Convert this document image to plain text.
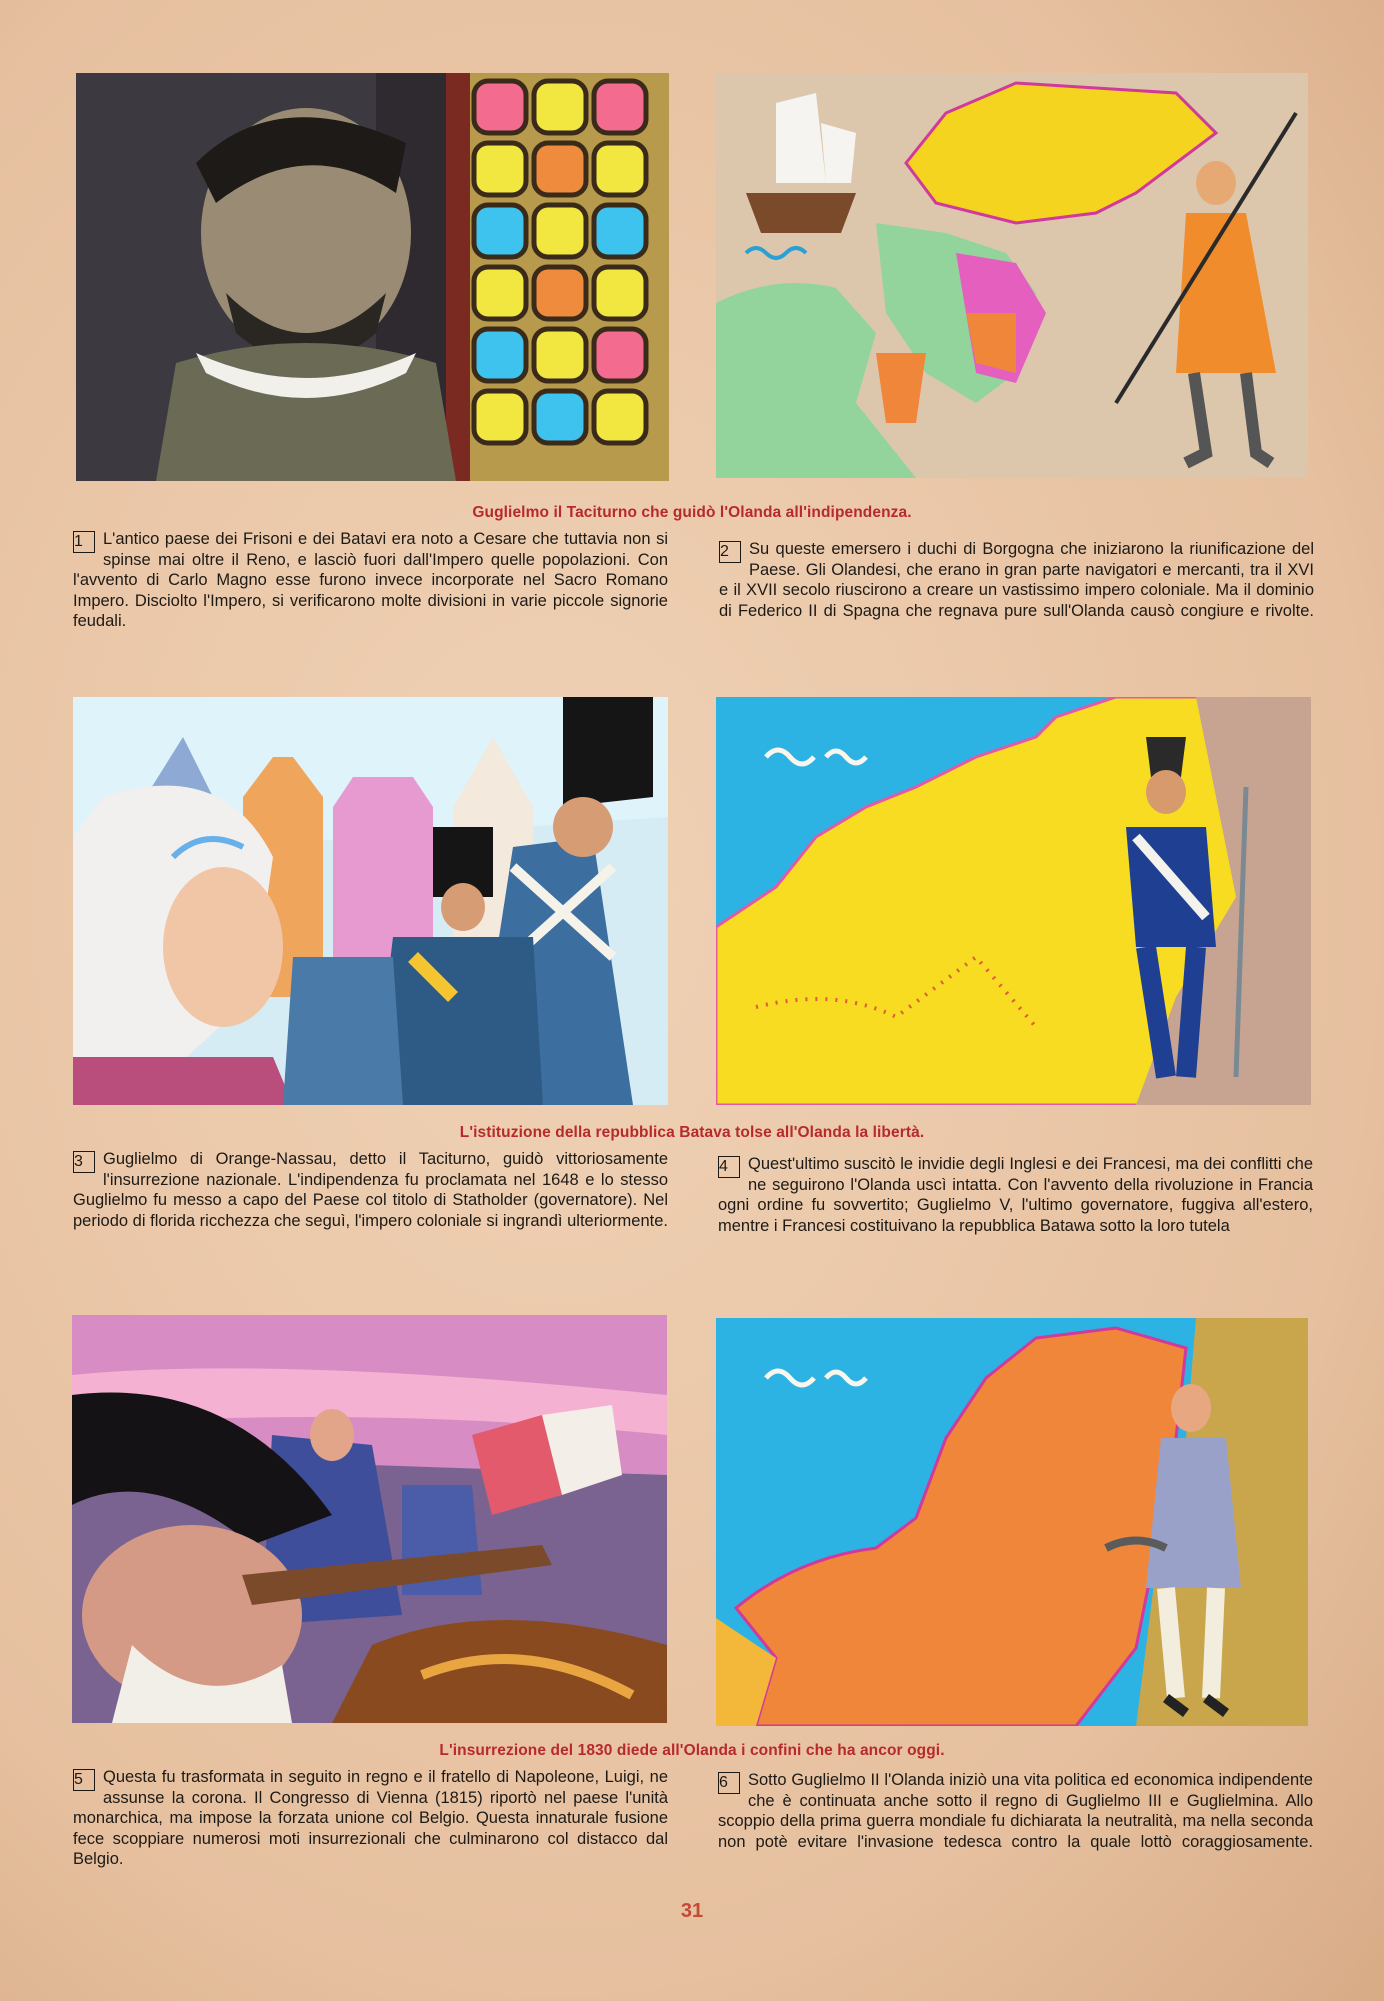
Guglielmo il Taciturno che guidò l'Olanda all'indipendenza.
1	L'antico paese dei Frisoni e dei Batavi era noto a Cesare che tuttavia non si spinse mai oltre il Reno, e lasciò fuori dall'Impero quelle popolazioni. Con l'avvento di Carlo Magno esse furono invece incorporate nel Sacro Romano Impero. Disciolto l'Impero, si verificarono molte divisioni in varie piccole signorie feudali.
2	Su queste emersero i duchi di Borgogna che iniziarono la riunificazione del Paese. Gli Olandesi, che erano in gran parte navigatori e mercanti, tra il XVI e il XVII secolo riuscirono a creare un vastissimo impero coloniale. Ma il dominio di Federico II di Spagna che regnava pure sull'Olanda causò congiure e rivolte.
L'istituzione della repubblica Batava tolse all'Olanda la libertà.
3	Guglielmo di Orange-Nassau, detto il Taciturno, guidò vittoriosamente l'insurrezione nazionale. L'indipendenza fu proclamata nel 1648 e lo stesso Guglielmo fu messo a capo del Paese col titolo di Statholder (governatore). Nel periodo di florida ricchezza che seguì, l'impero coloniale si ingrandì ulteriormente.
4	Quest'ultimo suscitò le invidie degli Inglesi e dei Francesi, ma dei conflitti che ne seguirono l'Olanda uscì intatta. Con l'avvento della rivoluzione in Francia ogni ordine fu sovvertito; Guglielmo V, l'ultimo governatore, fuggiva all'estero, mentre i Francesi costituivano la repubblica Batawa sotto la loro tutela
L'insurrezione del 1830 diede all'Olanda i confini che ha ancor oggi.
5	Questa fu trasformata in seguito in regno e il fratello di Napoleone, Luigi, ne assunse la corona. Il Congresso di Vienna (1815) riportò nel paese l'unità monarchica, ma impose la forzata unione col Belgio. Questa innaturale fusione fece scoppiare numerosi moti insurrezionali che culminarono col distacco dal Belgio.
6	Sotto Guglielmo II l'Olanda iniziò una vita politica ed economica indipendente che è continuata anche sotto il regno di Guglielmo III e Guglielmina. Allo scoppio della prima guerra mondiale fu dichiarata la neutralità, ma nella seconda non potè evitare l'invasione tedesca contro la quale lottò coraggiosamente.
31
